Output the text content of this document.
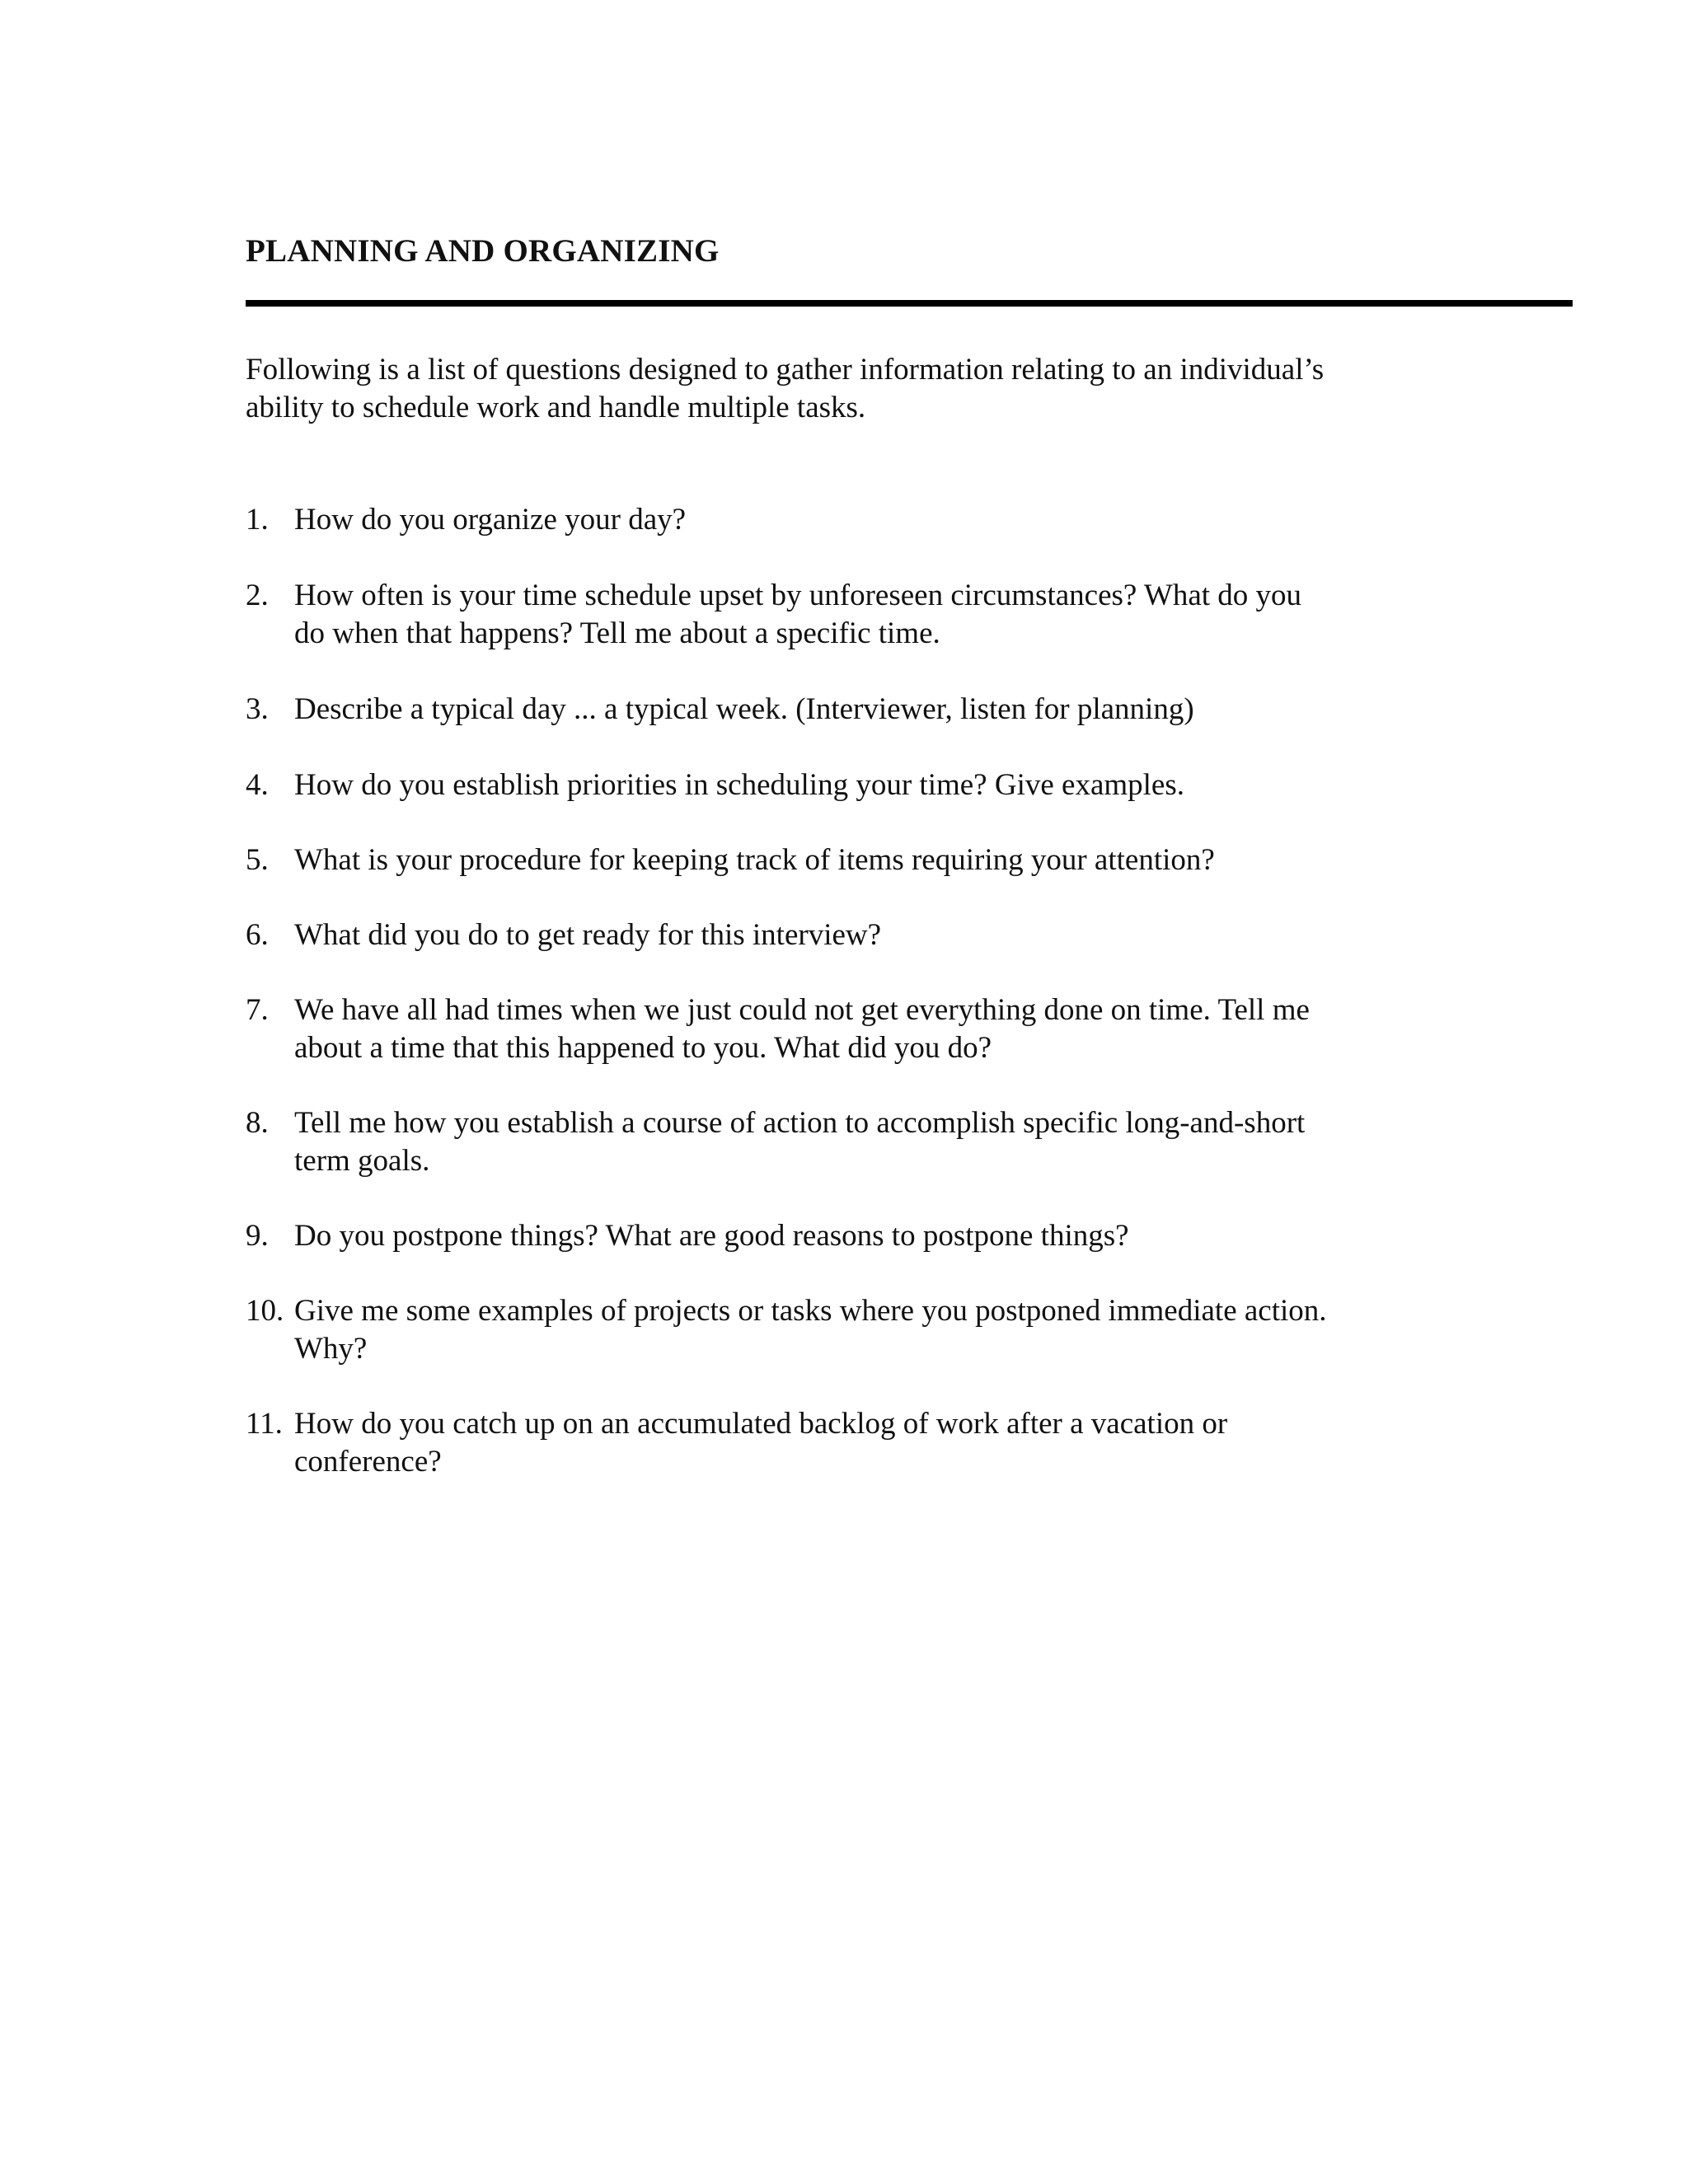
PLANNING AND ORGANIZING
Following is a list of questions designed to gather information relating to an individual’s
ability to schedule work and handle multiple tasks.
1. How do you organize your day?
2. How often is your time schedule upset by unforeseen circumstances? What do you
do when that happens? Tell me about a specific time.
3. Describe a typical day ... a typical week. (Interviewer, listen for planning)
4. How do you establish priorities in scheduling your time? Give examples.
5. What is your procedure for keeping track of items requiring your attention?
6. What did you do to get ready for this interview?
7. We have all had times when we just could not get everything done on time. Tell me
about a time that this happened to you. What did you do?
8. Tell me how you establish a course of action to accomplish specific long-and-short
term goals.
9. Do you postpone things? What are good reasons to postpone things?
10. Give me some examples of projects or tasks where you postponed immediate action.
Why?
11. How do you catch up on an accumulated backlog of work after a vacation or
conference?
